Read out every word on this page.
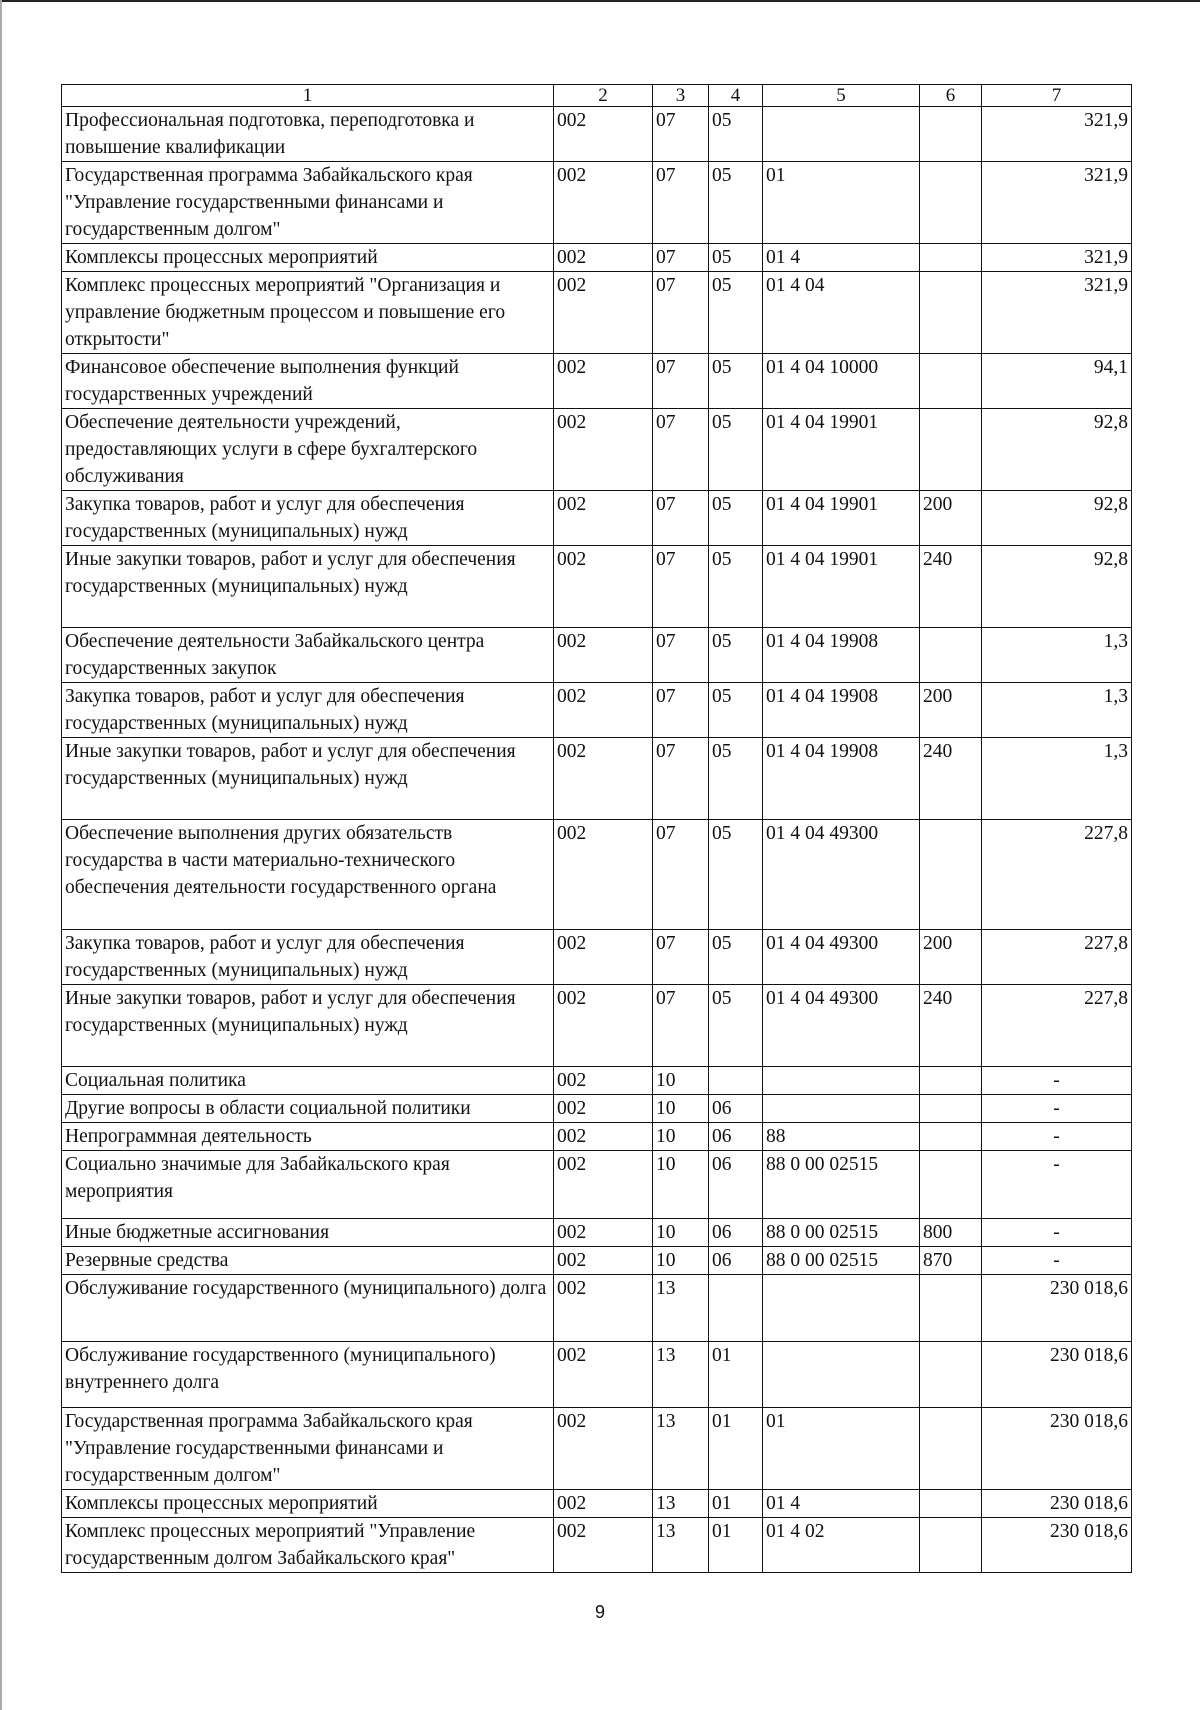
1	2	3	4	5	6	7
Профессиональная подготовка, переподготовка и повышение квалификации	002	07	05			321,9
Государственная программа Забайкальского края "Управление государственными финансами и государственным долгом"	002	07	05	01		321,9
Комплексы процессных мероприятий	002	07	05	01 4		321,9
Комплекс процессных мероприятий "Организация и управление бюджетным процессом и повышение его открытости"	002	07	05	01 4 04		321,9
Финансовое обеспечение выполнения функций государственных учреждений	002	07	05	01 4 04 10000		94,1
Обеспечение деятельности учреждений, предоставляющих услуги в сфере бухгалтерского обслуживания	002	07	05	01 4 04 19901		92,8
Закупка товаров, работ и услуг для обеспечения государственных (муниципальных) нужд	002	07	05	01 4 04 19901	200	92,8
Иные закупки товаров, работ и услуг для обеспечения государственных (муниципальных) нужд	002	07	05	01 4 04 19901	240	92,8
Обеспечение деятельности Забайкальского центра государственных закупок	002	07	05	01 4 04 19908		1,3
Закупка товаров, работ и услуг для обеспечения государственных (муниципальных) нужд	002	07	05	01 4 04 19908	200	1,3
Иные закупки товаров, работ и услуг для обеспечения государственных (муниципальных) нужд	002	07	05	01 4 04 19908	240	1,3
Обеспечение выполнения других обязательств государства в части материально-технического обеспечения деятельности государственного органа	002	07	05	01 4 04 49300		227,8
Закупка товаров, работ и услуг для обеспечения государственных (муниципальных) нужд	002	07	05	01 4 04 49300	200	227,8
Иные закупки товаров, работ и услуг для обеспечения государственных (муниципальных) нужд	002	07	05	01 4 04 49300	240	227,8
Социальная политика	002	10				-
Другие вопросы в области социальной политики	002	10	06			-
Непрограммная деятельность	002	10	06	88		-
Социально значимые для Забайкальского края мероприятия	002	10	06	88 0 00 02515		-
Иные бюджетные ассигнования	002	10	06	88 0 00 02515	800	-
Резервные средства	002	10	06	88 0 00 02515	870	-
Обслуживание государственного (муниципального) долга	002	13				230 018,6
Обслуживание государственного (муниципального) внутреннего долга	002	13	01			230 018,6
Государственная программа Забайкальского края "Управление государственными финансами и государственным долгом"	002	13	01	01		230 018,6
Комплексы процессных мероприятий	002	13	01	01 4		230 018,6
Комплекс процессных мероприятий "Управление государственным долгом Забайкальского края"	002	13	01	01 4 02		230 018,6
9
